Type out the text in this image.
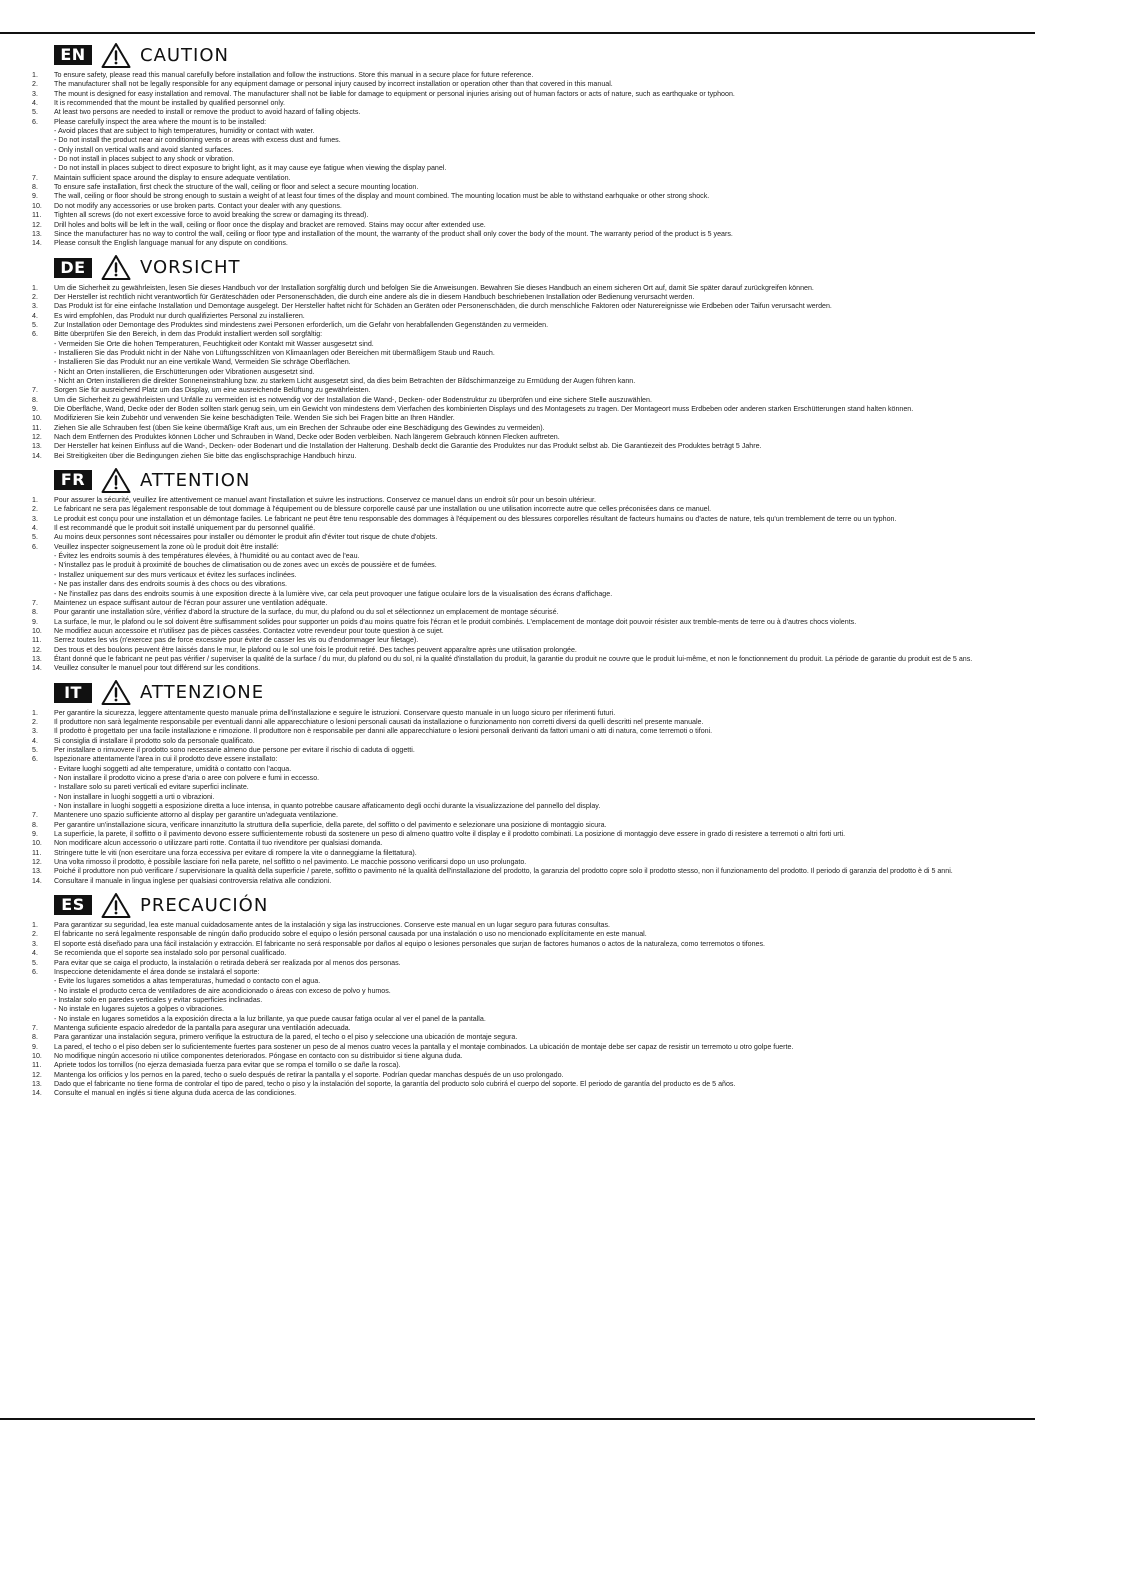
EN	CAUTION
1.	To ensure safety, please read this manual carefully before installation and follow the instructions. Store this manual in a secure place for future reference.
2.	The manufacturer shall not be legally responsible for any equipment damage or personal injury caused by incorrect installation or operation other than that covered in this manual.
3.	The mount is designed for easy installation and removal. The manufacturer shall not be liable for damage to equipment or personal injuries arising out of human factors or acts of nature, such as earthquake or typhoon.
4.	It is recommended that the mount be installed by qualified personnel only.
5.	At least two persons are needed to install or remove the product to avoid hazard of falling objects.
6.	Please carefully inspect the area where the mount is to be installed:
- Avoid places that are subject to high temperatures, humidity or contact with water.
- Do not install the product near air conditioning vents or areas with excess dust and fumes.
- Only install on vertical walls and avoid slanted surfaces.
- Do not install in places subject to any shock or vibration.
- Do not install in places subject to direct exposure to bright light, as it may cause eye fatigue when viewing the display panel.
7.	Maintain sufficient space around the display to ensure adequate ventilation.
8.	To ensure safe installation, first check the structure of the wall, ceiling or floor and select a secure mounting location.
9.	The wall, ceiling or floor should be strong enough to sustain a weight of at least four times of the display and mount combined. The mounting location must be able to withstand earhquake or other strong shock.
10.	Do not modify any accessories or use broken parts. Contact your dealer with any questions.
11.	Tighten all screws (do not exert excessive force to avoid breaking the screw or damaging its thread).
12.	Drill holes and bolts will be left in the wall, ceiling or floor once the display and bracket are removed. Stains may occur after extended use.
13.	Since the manufacturer has no way to control the wall, ceiling or floor type and installation of the mount, the warranty of the product shall only cover the body of the mount. The warranty period of the product is 5 years.
14.	Please consult the English language manual for any dispute on conditions.
DE	VORSICHT
1.	Um die Sicherheit zu gewährleisten, lesen Sie dieses Handbuch vor der Installation sorgfältig durch und befolgen Sie die Anweisungen. Bewahren Sie dieses Handbuch an einem sicheren Ort auf, damit Sie später darauf zurückgreifen können.
2.	Der Hersteller ist rechtlich nicht verantwortlich für Geräteschäden oder Personenschäden, die durch eine andere als die in diesem Handbuch beschriebenen Installation oder Bedienung verursacht werden.
3.	Das Produkt ist für eine einfache Installation und Demontage ausgelegt. Der Hersteller haftet nicht für Schäden an Geräten oder Personenschäden, die durch menschliche Faktoren oder Naturereignisse wie Erdbeben oder Taifun verursacht werden.
4.	Es wird empfohlen, das Produkt nur durch qualifiziertes Personal zu installieren.
5.	Zur Installation oder Demontage des Produktes sind mindestens zwei Personen erforderlich, um die Gefahr von herabfallenden Gegenständen zu vermeiden.
6.	Bitte überprüfen Sie den Bereich, in dem das Produkt installiert werden soll sorgfältig:
- Vermeiden Sie Orte die hohen Temperaturen, Feuchtigkeit oder Kontakt mit Wasser ausgesetzt sind.
- Installieren Sie das Produkt nicht in der Nähe von Lüftungsschlitzen von Klimaanlagen oder Bereichen mit übermäßigem Staub und Rauch.
- Installieren Sie das Produkt nur an eine vertikale Wand, Vermeiden Sie schräge Oberflächen.
- Nicht an Orten installieren, die Erschütterungen oder Vibrationen ausgesetzt sind.
- Nicht an Orten installieren die direkter Sonneneinstrahlung bzw. zu starkem Licht ausgesetzt sind, da dies beim Betrachten der Bildschirmanzeige zu Ermüdung der Augen führen kann.
7.	Sorgen Sie für ausreichend Platz um das Display, um eine ausreichende Belüftung zu gewährleisten.
8.	Um die Sicherheit zu gewährleisten und Unfälle zu vermeiden ist es notwendig vor der Installation die Wand-, Decken- oder Bodenstruktur zu überprüfen und eine sichere Stelle auszuwählen.
9.	Die Oberfläche, Wand, Decke oder der Boden sollten stark genug sein, um ein Gewicht von mindestens dem Vierfachen des kombinierten Displays und des Montagesets zu tragen. Der Montageort muss Erdbeben oder anderen starken Erschütterungen stand halten können.
10.	Modifizieren Sie kein Zubehör und verwenden Sie keine beschädigten Teile. Wenden Sie sich bei Fragen bitte an Ihren Händler.
11.	Ziehen Sie alle Schrauben fest (üben Sie keine übermäßige Kraft aus, um ein Brechen der Schraube oder eine Beschädigung des Gewindes zu vermeiden).
12.	Nach dem Entfernen des Produktes können Löcher und Schrauben in Wand, Decke oder Boden verbleiben. Nach längerem Gebrauch können Flecken auftreten.
13.	Der Hersteller hat keinen Einfluss auf die Wand-, Decken- oder Bodenart und die Installation der Halterung. Deshalb deckt die Garantie des Produktes nur das Produkt selbst ab. Die Garantiezeit des Produktes beträgt 5 Jahre.
14.	Bei Streitigkeiten über die Bedingungen ziehen Sie bitte das englischsprachige Handbuch hinzu.
FR	ATTENTION
1.	Pour assurer la sécurité, veuillez lire attentivement ce manuel avant l'installation et suivre les instructions. Conservez ce manuel dans un endroit sûr pour un besoin ultérieur.
2.	Le fabricant ne sera pas légalement responsable de tout dommage à l'équipement ou de blessure corporelle causé par une installation ou une utilisation incorrecte autre que celles préconisées dans ce manuel.
3.	Le produit est conçu pour une installation et un démontage faciles. Le fabricant ne peut être tenu responsable des dommages à l'équipement ou des blessures corporelles résultant de facteurs humains ou d'actes de nature, tels qu'un tremblement de terre ou un typhon.
4.	Il est recommandé que le produit soit installé uniquement par du personnel qualifié.
5.	Au moins deux personnes sont nécessaires pour installer ou démonter le produit afin d'éviter tout risque de chute d'objets.
6.	Veuillez inspecter soigneusement la zone où le produit doit être installé:
- Évitez les endroits soumis à des températures élevées, à l'humidité ou au contact avec de l'eau.
- N'installez pas le produit à proximité de bouches de climatisation ou de zones avec un excès de poussière et de fumées.
- Installez uniquement sur des murs verticaux et évitez les surfaces inclinées.
- Ne pas installer dans des endroits soumis à des chocs ou des vibrations.
- Ne l'installez pas dans des endroits soumis à une exposition directe à la lumière vive, car cela peut provoquer une fatigue oculaire lors de la visualisation des écrans d'affichage.
7.	Maintenez un espace suffisant autour de l'écran pour assurer une ventilation adéquate.
8.	Pour garantir une installation sûre, vérifiez d'abord la structure de la surface, du mur, du plafond ou du sol et sélectionnez un emplacement de montage sécurisé.
9.	La surface, le mur, le plafond ou le sol doivent être suffisamment solides pour supporter un poids d'au moins quatre fois l'écran et le produit combinés. L'emplacement de montage doit pouvoir résister aux tremble-ments de terre ou à d'autres chocs violents.
10.	Ne modifiez aucun accessoire et n'utilisez pas de pièces cassées. Contactez votre revendeur pour toute question à ce sujet.
11.	Serrez toutes les vis (n'exercez pas de force excessive pour éviter de casser les vis ou d'endommager leur filetage).
12.	Des trous et des boulons peuvent être laissés dans le mur, le plafond ou le sol une fois le produit retiré. Des taches peuvent apparaître après une utilisation prolongée.
13.	Étant donné que le fabricant ne peut pas vérifier / superviser la qualité de la surface / du mur, du plafond ou du sol, ni la qualité d'installation du produit, la garantie du produit ne couvre que le produit lui-même, et non le fonctionnement du produit. La période de garantie du produit est de 5 ans.
14.	Veuillez consulter le manuel pour tout différend sur les conditions.
IT	ATTENZIONE
1.	Per garantire la sicurezza, leggere attentamente questo manuale prima dell'installazione e seguire le istruzioni. Conservare questo manuale in un luogo sicuro per riferimenti futuri.
2.	Il produttore non sarà legalmente responsabile per eventuali danni alle apparecchiature o lesioni personali causati da installazione o funzionamento non corretti diversi da quelli descritti nel presente manuale.
3.	Il prodotto è progettato per una facile installazione e rimozione. Il produttore non è responsabile per danni alle apparecchiature o lesioni personali derivanti da fattori umani o atti di natura, come terremoti o tifoni.
4.	Si consiglia di installare il prodotto solo da personale qualificato.
5.	Per installare o rimuovere il prodotto sono necessarie almeno due persone per evitare il rischio di caduta di oggetti.
6.	Ispezionare attentamente l'area in cui il prodotto deve essere installato:
- Evitare luoghi soggetti ad alte temperature, umidità o contatto con l'acqua.
- Non installare il prodotto vicino a prese d'aria o aree con polvere e fumi in eccesso.
- Installare solo su pareti verticali ed evitare superfici inclinate.
- Non installare in luoghi soggetti a urti o vibrazioni.
- Non installare in luoghi soggetti a esposizione diretta a luce intensa, in quanto potrebbe causare affaticamento degli occhi durante la visualizzazione del pannello del display.
7.	Mantenere uno spazio sufficiente attorno al display per garantire un'adeguata ventilazione.
8.	Per garantire un'installazione sicura, verificare innanzitutto la struttura della superficie, della parete, del soffitto o del pavimento e selezionare una posizione di montaggio sicura.
9.	La superficie, la parete, il soffitto o il pavimento devono essere sufficientemente robusti da sostenere un peso di almeno quattro volte il display e il prodotto combinati. La posizione di montaggio deve essere in grado di resistere a terremoti o altri forti urti.
10.	Non modificare alcun accessorio o utilizzare parti rotte. Contatta il tuo rivenditore per qualsiasi domanda.
11.	Stringere tutte le viti (non esercitare una forza eccessiva per evitare di rompere la vite o danneggiarne la filettatura).
12.	Una volta rimosso il prodotto, è possibile lasciare fori nella parete, nel soffitto o nel pavimento. Le macchie possono verificarsi dopo un uso prolungato.
13.	Poiché il produttore non può verificare / supervisionare la qualità della superficie / parete, soffitto o pavimento né la qualità dell'installazione del prodotto, la garanzia del prodotto copre solo il prodotto stesso, non il funzionamento del prodotto. Il periodo di garanzia del prodotto è di 5 anni.
14.	Consultare il manuale in lingua inglese per qualsiasi controversia relativa alle condizioni.
ES	PRECAUCIÓN
1.	Para garantizar su seguridad, lea este manual cuidadosamente antes de la instalación y siga las instrucciones. Conserve este manual en un lugar seguro para futuras consultas.
2.	El fabricante no será legalmente responsable de ningún daño producido sobre el equipo o lesión personal causada por una instalación o uso no mencionado explícitamente en este manual.
3.	El soporte está diseñado para una fácil instalación y extracción. El fabricante no será responsable por daños al equipo o lesiones personales que surjan de factores humanos o actos de la naturaleza, como terremotos o tifones.
4.	Se recomienda que el soporte sea instalado solo por personal cualificado.
5.	Para evitar que se caiga el producto, la instalación o retirada deberá ser realizada por al menos dos personas.
6.	Inspeccione detenidamente el área donde se instalará el soporte:
- Evite los lugares sometidos a altas temperaturas, humedad o contacto con el agua.
- No instale el producto cerca de ventiladores de aire acondicionado o áreas con exceso de polvo y humos.
- Instalar solo en paredes verticales y evitar superficies inclinadas.
- No instale en lugares sujetos a golpes o vibraciones.
- No instale en lugares sometidos a la exposición directa a la luz brillante, ya que puede causar fatiga ocular al ver el panel de la pantalla.
7.	Mantenga suficiente espacio alrededor de la pantalla para asegurar una ventilación adecuada.
8.	Para garantizar una instalación segura, primero verifique la estructura de la pared, el techo o el piso y seleccione una ubicación de montaje segura.
9.	La pared, el techo o el piso deben ser lo suficientemente fuertes para sostener un peso de al menos cuatro veces la pantalla y el montaje combinados. La ubicación de montaje debe ser capaz de resistir un terremoto u otro golpe fuerte.
10.	No modifique ningún accesorio ni utilice componentes deteriorados. Póngase en contacto con su distribuidor si tiene alguna duda.
11.	Apriete todos los tornillos (no ejerza demasiada fuerza para evitar que se rompa el tornillo o se dañe la rosca).
12.	Mantenga los orificios y los pernos en la pared, techo o suelo después de retirar la pantalla y el soporte. Podrían quedar manchas después de un uso prolongado.
13.	Dado que el fabricante no tiene forma de controlar el tipo de pared, techo o piso y la instalación del soporte, la garantía del producto solo cubrirá el cuerpo del soporte. El periodo de garantía del producto es de 5 años.
14.	Consulte el manual en inglés si tiene alguna duda acerca de las condiciones.
